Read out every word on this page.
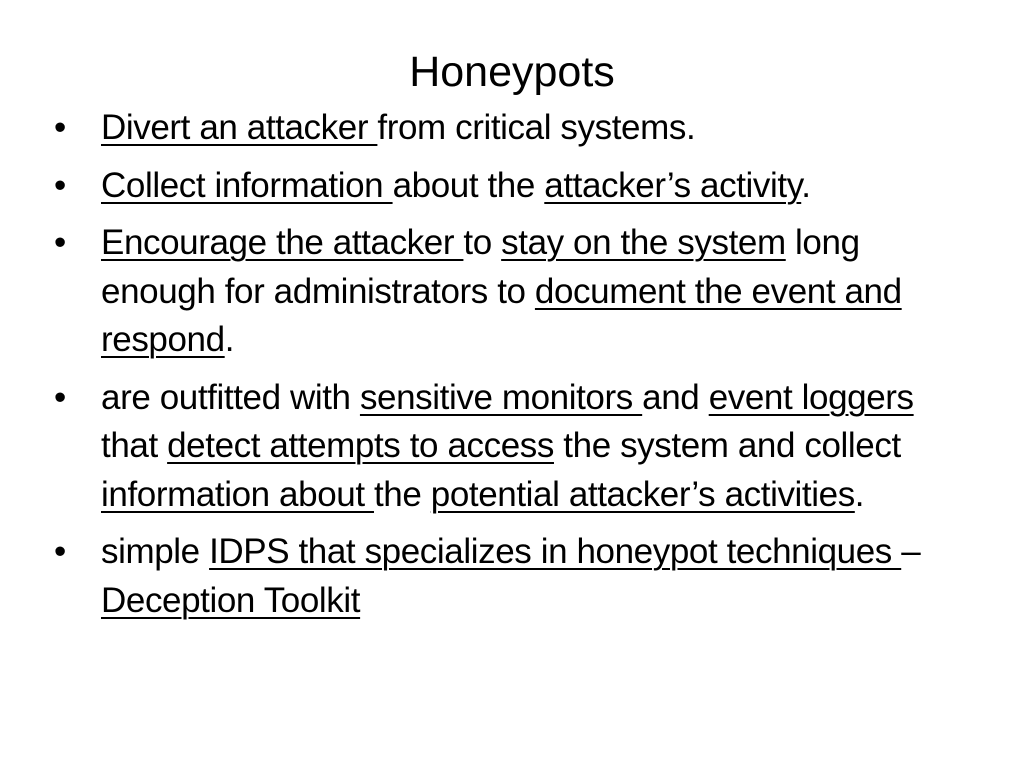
Honeypots
• Divert an attacker from critical systems.
• Collect information about the attacker’s activity.
• Encourage the attacker to stay on the system long enough for administrators to document the event and respond.
• are outfitted with sensitive monitors and event loggers that detect attempts to access the system and collect information about the potential attacker’s activities.
• simple IDPS that specializes in honeypot techniques – Deception Toolkit
